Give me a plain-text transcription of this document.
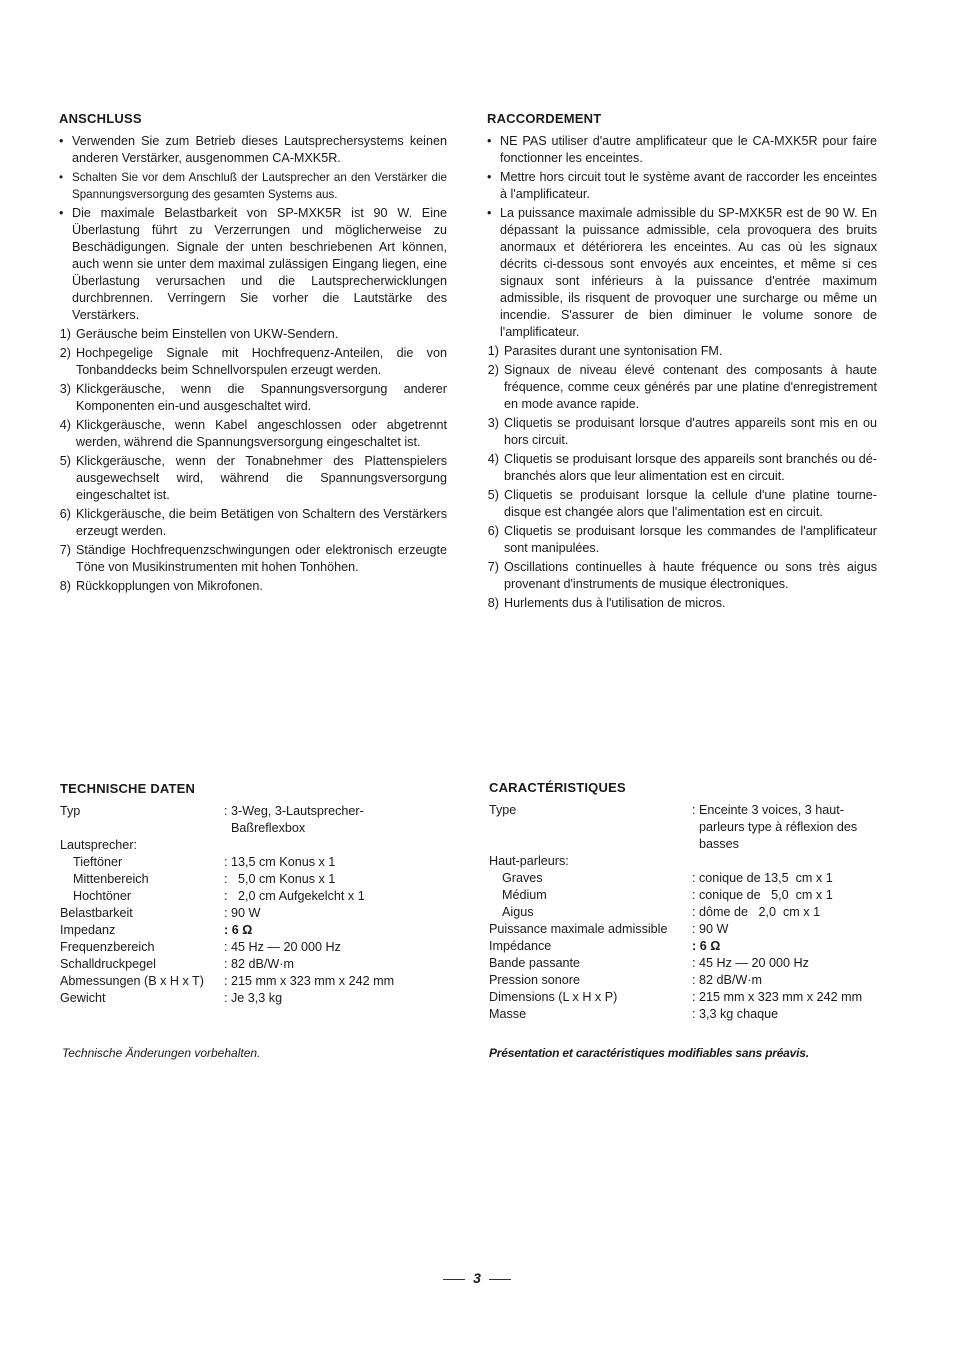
ANSCHLUSS
• Verwenden Sie zum Betrieb dieses Lautsprechersystems keinen anderen Verstärker, ausgenommen CA-MXK5R.
• Schalten Sie vor dem Anschluß der Lautsprecher an den Verstärker die Spannungsversorgung des gesamten Systems aus.
• Die maximale Belastbarkeit von SP-MXK5R ist 90 W. Eine Überlastung führt zu Verzerrungen und möglicherweise zu Beschädigungen. Signale der unten beschriebenen Art können, auch wenn sie unter dem maximal zulässigen Eingang liegen, eine Überlastung verursachen und die Lautsprecherwicklungen durchbrennen. Verringern Sie vorher die Lautstärke des Verstärkers.
1) Geräusche beim Einstellen von UKW-Sendern.
2) Hochpegelige Signale mit Hochfrequenz-Anteilen, die von Tonbanddecks beim Schnellvorspulen erzeugt werden.
3) Klickgeräusche, wenn die Spannungsversorgung anderer Komponenten ein-und ausgeschaltet wird.
4) Klickgeräusche, wenn Kabel angeschlossen oder abgetrennt werden, während die Spannungsversorgung eingeschaltet ist.
5) Klickgeräusche, wenn der Tonabnehmer des Plattenspielers ausgewechselt wird, während die Spannungsversorgung eingeschaltet ist.
6) Klickgeräusche, die beim Betätigen von Schaltern des Verstärkers erzeugt werden.
7) Ständige Hochfrequenzschwingungen oder elektronisch erzeugte Töne von Musikinstrumenten mit hohen Tonhöhen.
8) Rückkopplungen von Mikrofonen.
RACCORDEMENT
• NE PAS utiliser d'autre amplificateur que le CA-MXK5R pour faire fonctionner les enceintes.
• Mettre hors circuit tout le système avant de raccorder les enceintes à l'amplificateur.
• La puissance maximale admissible du SP-MXK5R est de 90 W. En dépassant la puissance admissible, cela provoquera des bruits anormaux et détériorera les enceintes. Au cas où les signaux décrits ci-dessous sont envoyés aux enceintes, et même si ces signaux sont inférieurs à la puissance d'entrée maximum admissible, ils risquent de provoquer une surcharge ou même un incendie. S'assurer de bien diminuer le volume sonore de l'amplificateur.
1) Parasites durant une syntonisation FM.
2) Signaux de niveau élevé contenant des composants à haute fréquence, comme ceux générés par une platine d'enregistrement en mode avance rapide.
3) Cliquetis se produisant lorsque d'autres appareils sont mis en ou hors circuit.
4) Cliquetis se produisant lorsque des appareils sont branchés ou dé-branchés alors que leur alimentation est en circuit.
5) Cliquetis se produisant lorsque la cellule d'une platine tourne-disque est changée alors que l'alimentation est en circuit.
6) Cliquetis se produisant lorsque les commandes de l'amplificateur sont manipulées.
7) Oscillations continuelles à haute fréquence ou sons très aigus provenant d'instruments de musique électroniques.
8) Hurlements dus à l'utilisation de micros.
TECHNISCHE DATEN
Typ	: 3-Weg, 3-Lautsprecher-
Baßreflexbox
Lautsprecher:
Tieftöner	: 13,5 cm Konus x 1
Mittenbereich	:   5,0 cm Konus x 1
Hochtöner	:   2,0 cm Aufgekelcht x 1
Belastbarkeit	: 90 W
Impedanz	: 6 Ω
Frequenzbereich	: 45 Hz — 20 000 Hz
Schalldruckpegel	: 82 dB/W·m
Abmessungen (B x H x T)	: 215 mm x 323 mm x 242 mm
Gewicht	: Je 3,3 kg
Technische Änderungen vorbehalten.
CARACTÉRISTIQUES
Type	: Enceinte 3 voices, 3 haut-
parleurs type à réflexion des
basses
Haut-parleurs:
Graves	: conique de 13,5  cm x 1
Médium	: conique de   5,0  cm x 1
Aigus	: dôme de   2,0  cm x 1
Puissance maximale admissible	: 90 W
Impédance	: 6 Ω
Bande passante	: 45 Hz — 20 000 Hz
Pression sonore	: 82 dB/W·m
Dimensions (L x H x P)	: 215 mm x 323 mm x 242 mm
Masse	: 3,3 kg chaque
Présentation et caractéristiques modifiables sans préavis.
3
